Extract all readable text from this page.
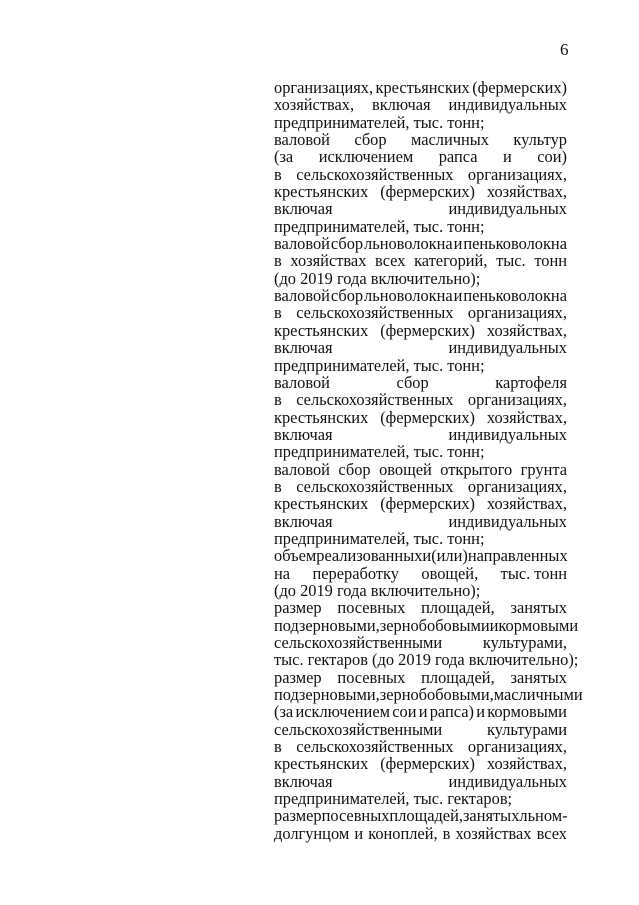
6
организациях, крестьянских (фермерских)
хозяйствах, включая индивидуальных
предпринимателей, тыс. тонн;
валовой сбор масличных культур
(за исключением рапса и сои)
в сельскохозяйственных организациях,
крестьянских (фермерских) хозяйствах,
включая	индивидуальных
предпринимателей, тыс. тонн;
валовой сбор льноволокна и пеньковолокна
в хозяйствах всех категорий, тыс. тонн
(до 2019 года включительно);
валовой сбор льноволокна и пеньковолокна
в сельскохозяйственных организациях,
крестьянских (фермерских) хозяйствах,
включая	индивидуальных
предпринимателей, тыс. тонн;
валовой	сбор	картофеля
в сельскохозяйственных организациях,
крестьянских (фермерских) хозяйствах,
включая	индивидуальных
предпринимателей, тыс. тонн;
валовой сбор овощей открытого грунта
в сельскохозяйственных организациях,
крестьянских (фермерских) хозяйствах,
включая	индивидуальных
предпринимателей, тыс. тонн;
объем реализованных и (или) направленных
на переработку овощей, тыс. тонн
(до 2019 года включительно);
размер посевных площадей, занятых
под зерновыми, зернобобовыми и кормовыми
сельскохозяйственными культурами,
тыс. гектаров (до 2019 года включительно);
размер посевных площадей, занятых
под зерновыми, зернобобовыми, масличными
(за исключением сои и рапса) и кормовыми
сельскохозяйственными	культурами
в сельскохозяйственных организациях,
крестьянских (фермерских) хозяйствах,
включая	индивидуальных
предпринимателей, тыс. гектаров;
размер посевных площадей, занятых льном-
долгунцом и коноплей, в хозяйствах всех
